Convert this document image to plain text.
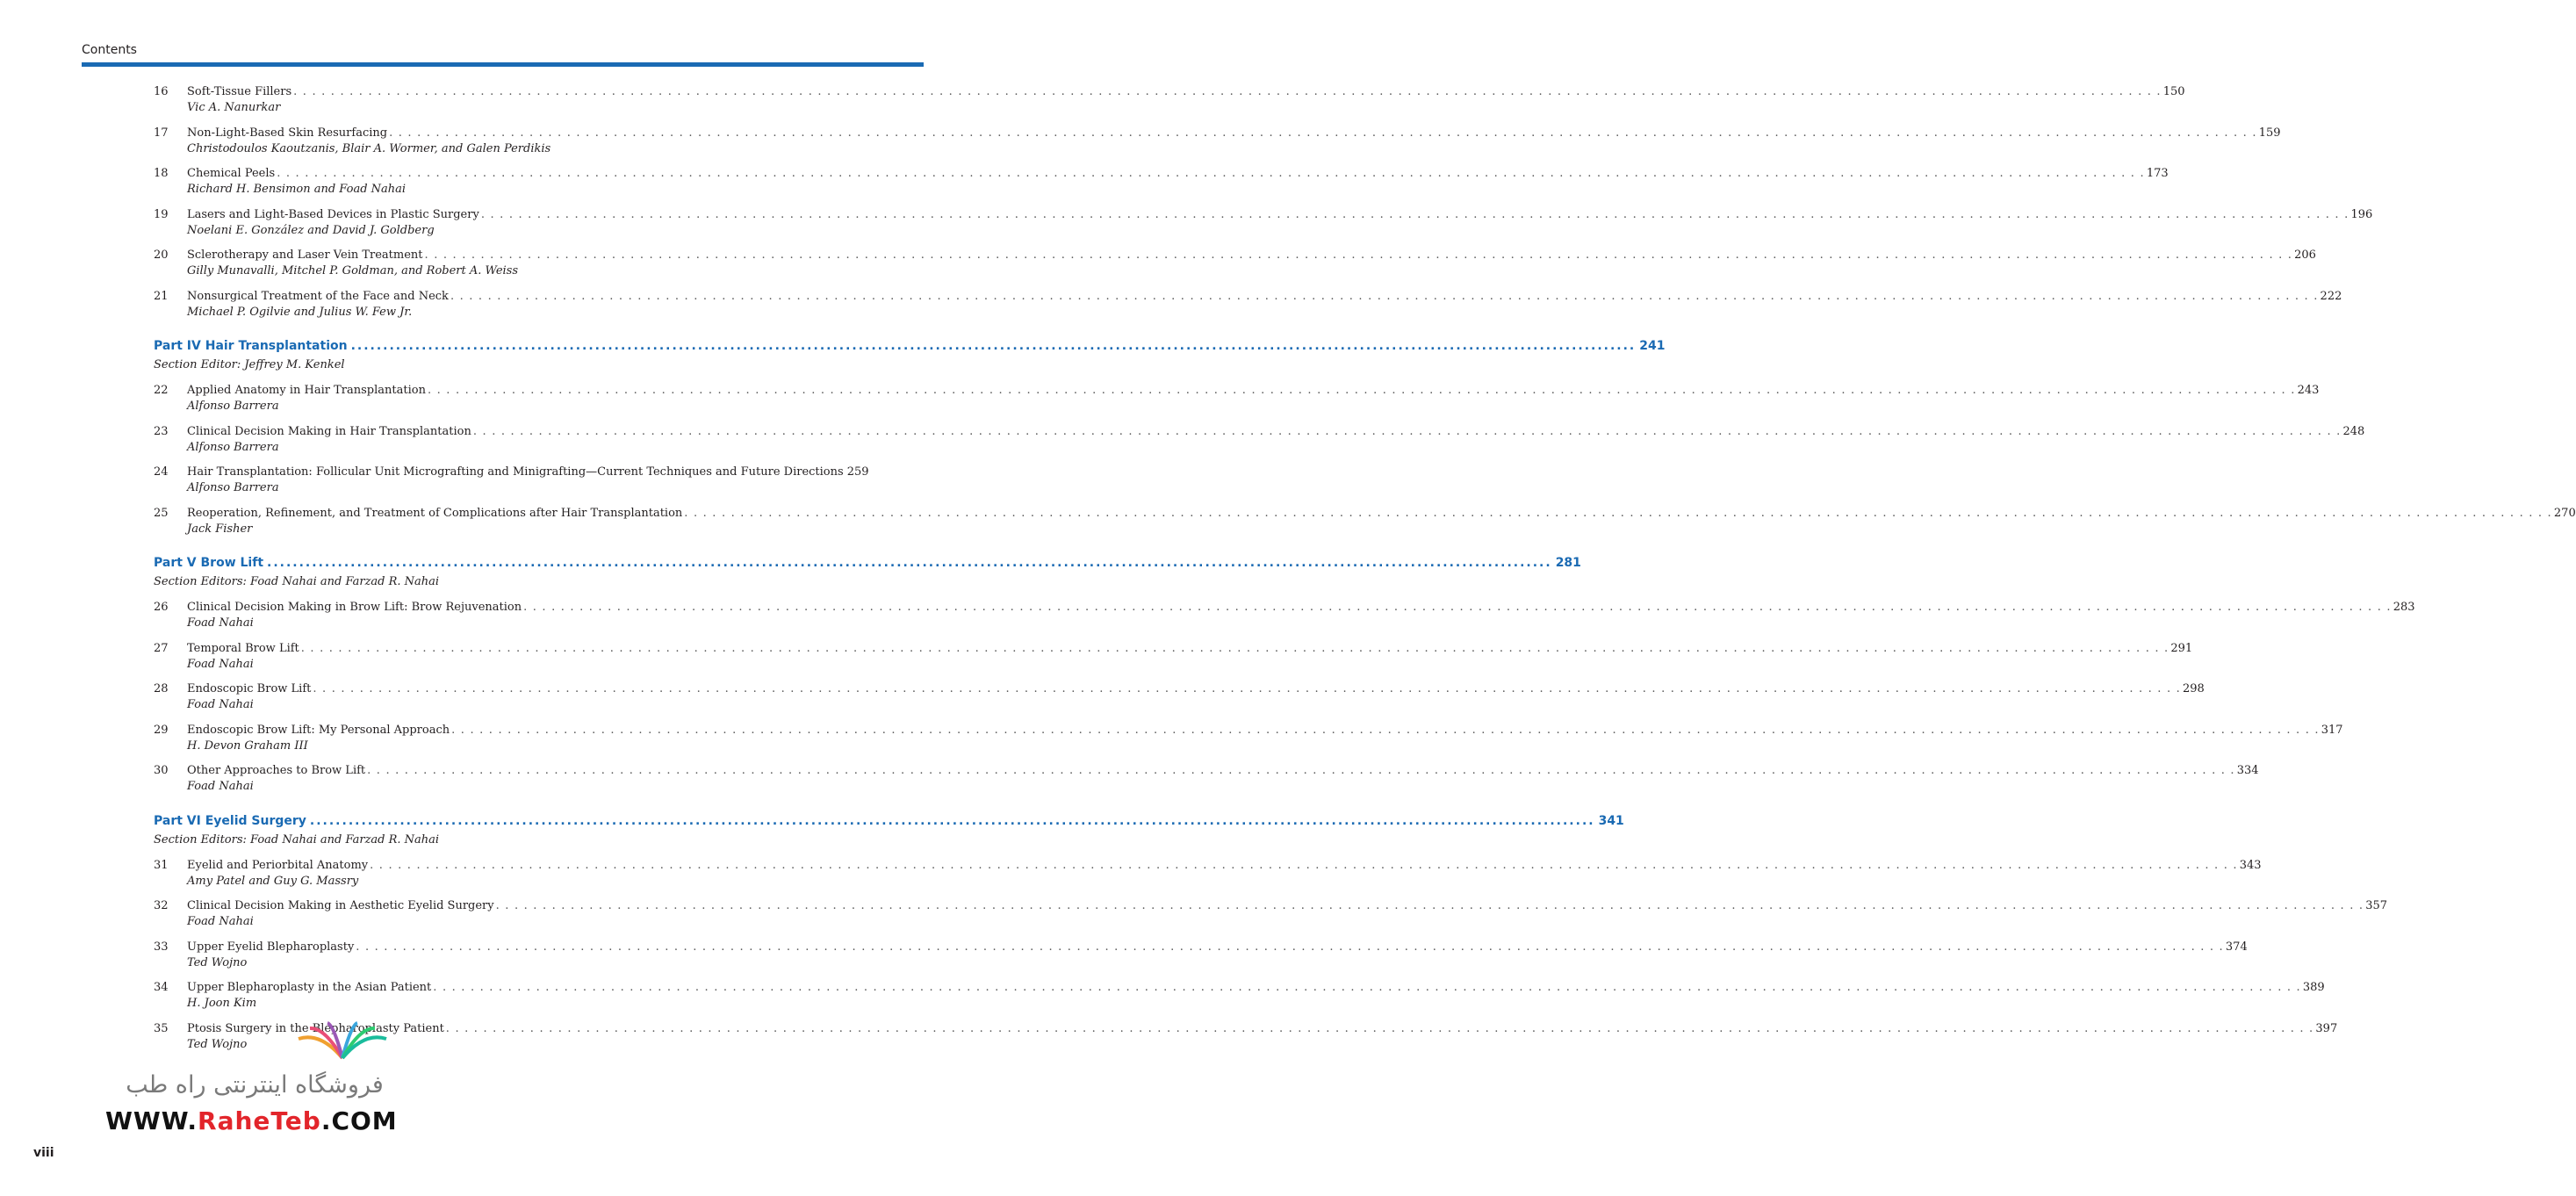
Contents
16	Soft-Tissue Fillers . . . . . . . . . . . . . . . . . . . . . . . . . . . . . . . . . . . . . . . . . . . . . . . . . . . . . . . . . . . . . . . . . . . . . . . . . . . . . . . . . . . . . . . . . . . . . . . . . . . . . . . . . . . . . . . . . . . . . . . . . . . . . . . . . . . . . . . . . . . . . . . . . . . . . . . . . . . . . . . . . . . . . . . . . . . . . . . . . . . . . . . . . . . . . . . . . . . . . . . . 150
Vic A. Nanurkar
17	Non-Light-Based Skin Resurfacing . . . . . . . . . . . . . . . . . . . . . . . . . . . . . . . . . . . . . . . . . . . . . . . . . . . . . . . . . . . . . . . . . . . . . . . . . . . . . . . . . . . . . . . . . . . . . . . . . . . . . . . . . . . . . . . . . . . . . . . . . . . . . . . . . . . . . . . . . . . . . . . . . . . . . . . . . . . . . . . . . . . . . . . . . . . . . . . . . . . . . . . . . . . . . . . . . . . . . . . . 159
Christodoulos Kaoutzanis, Blair A. Wormer, and Galen Perdikis
18	Chemical Peels . . . . . . . . . . . . . . . . . . . . . . . . . . . . . . . . . . . . . . . . . . . . . . . . . . . . . . . . . . . . . . . . . . . . . . . . . . . . . . . . . . . . . . . . . . . . . . . . . . . . . . . . . . . . . . . . . . . . . . . . . . . . . . . . . . . . . . . . . . . . . . . . . . . . . . . . . . . . . . . . . . . . . . . . . . . . . . . . . . . . . . . . . . . . . . . . . . . . . . . . 173
Richard H. Bensimon and Foad Nahai
19	Lasers and Light-Based Devices in Plastic Surgery . . . . . . . . . . . . . . . . . . . . . . . . . . . . . . . . . . . . . . . . . . . . . . . . . . . . . . . . . . . . . . . . . . . . . . . . . . . . . . . . . . . . . . . . . . . . . . . . . . . . . . . . . . . . . . . . . . . . . . . . . . . . . . . . . . . . . . . . . . . . . . . . . . . . . . . . . . . . . . . . . . . . . . . . . . . . . . . . . . . . . . . . . . . . . . . . . . . . . . . . 196
Noelani E. González and David J. Goldberg
20	Sclerotherapy and Laser Vein Treatment . . . . . . . . . . . . . . . . . . . . . . . . . . . . . . . . . . . . . . . . . . . . . . . . . . . . . . . . . . . . . . . . . . . . . . . . . . . . . . . . . . . . . . . . . . . . . . . . . . . . . . . . . . . . . . . . . . . . . . . . . . . . . . . . . . . . . . . . . . . . . . . . . . . . . . . . . . . . . . . . . . . . . . . . . . . . . . . . . . . . . . . . . . . . . . . . . . . . . . . . 206
Gilly Munavalli, Mitchel P. Goldman, and Robert A. Weiss
21	Nonsurgical Treatment of the Face and Neck . . . . . . . . . . . . . . . . . . . . . . . . . . . . . . . . . . . . . . . . . . . . . . . . . . . . . . . . . . . . . . . . . . . . . . . . . . . . . . . . . . . . . . . . . . . . . . . . . . . . . . . . . . . . . . . . . . . . . . . . . . . . . . . . . . . . . . . . . . . . . . . . . . . . . . . . . . . . . . . . . . . . . . . . . . . . . . . . . . . . . . . . . . . . . . . . . . . . . . . . 222
Michael P. Ogilvie and Julius W. Few Jr.
Part IV Hair Transplantation ........................................................................................................................................................................................................ 241
Section Editor: Jeffrey M. Kenkel
22	Applied Anatomy in Hair Transplantation . . . . . . . . . . . . . . . . . . . . . . . . . . . . . . . . . . . . . . . . . . . . . . . . . . . . . . . . . . . . . . . . . . . . . . . . . . . . . . . . . . . . . . . . . . . . . . . . . . . . . . . . . . . . . . . . . . . . . . . . . . . . . . . . . . . . . . . . . . . . . . . . . . . . . . . . . . . . . . . . . . . . . . . . . . . . . . . . . . . . . . . . . . . . . . . . . . . . . . . . 243
Alfonso Barrera
23	Clinical Decision Making in Hair Transplantation . . . . . . . . . . . . . . . . . . . . . . . . . . . . . . . . . . . . . . . . . . . . . . . . . . . . . . . . . . . . . . . . . . . . . . . . . . . . . . . . . . . . . . . . . . . . . . . . . . . . . . . . . . . . . . . . . . . . . . . . . . . . . . . . . . . . . . . . . . . . . . . . . . . . . . . . . . . . . . . . . . . . . . . . . . . . . . . . . . . . . . . . . . . . . . . . . . . . . . . . 248
Alfonso Barrera
24	Hair Transplantation: Follicular Unit Micrografting and Minigrafting—Current Techniques and Future Directions 259
Alfonso Barrera
25	Reoperation, Refinement, and Treatment of Complications after Hair Transplantation . . . . . . . . . . . . . . . . . . . . . . . . . . . . . . . . . . . . . . . . . . . . . . . . . . . . . . . . . . . . . . . . . . . . . . . . . . . . . . . . . . . . . . . . . . . . . . . . . . . . . . . . . . . . . . . . . . . . . . . . . . . . . . . . . . . . . . . . . . . . . . . . . . . . . . . . . . . . . . . . . . . . . . . . . . . . . . . . . . . . . . . . . . . . . . . . . . . . . . . . 270
Jack Fisher
Part V Brow Lift ........................................................................................................................................................................................................ 281
Section Editors: Foad Nahai and Farzad R. Nahai
26	Clinical Decision Making in Brow Lift: Brow Rejuvenation . . . . . . . . . . . . . . . . . . . . . . . . . . . . . . . . . . . . . . . . . . . . . . . . . . . . . . . . . . . . . . . . . . . . . . . . . . . . . . . . . . . . . . . . . . . . . . . . . . . . . . . . . . . . . . . . . . . . . . . . . . . . . . . . . . . . . . . . . . . . . . . . . . . . . . . . . . . . . . . . . . . . . . . . . . . . . . . . . . . . . . . . . . . . . . . . . . . . . . . . 283
Foad Nahai
27	Temporal Brow Lift . . . . . . . . . . . . . . . . . . . . . . . . . . . . . . . . . . . . . . . . . . . . . . . . . . . . . . . . . . . . . . . . . . . . . . . . . . . . . . . . . . . . . . . . . . . . . . . . . . . . . . . . . . . . . . . . . . . . . . . . . . . . . . . . . . . . . . . . . . . . . . . . . . . . . . . . . . . . . . . . . . . . . . . . . . . . . . . . . . . . . . . . . . . . . . . . . . . . . . . . 291
Foad Nahai
28	Endoscopic Brow Lift . . . . . . . . . . . . . . . . . . . . . . . . . . . . . . . . . . . . . . . . . . . . . . . . . . . . . . . . . . . . . . . . . . . . . . . . . . . . . . . . . . . . . . . . . . . . . . . . . . . . . . . . . . . . . . . . . . . . . . . . . . . . . . . . . . . . . . . . . . . . . . . . . . . . . . . . . . . . . . . . . . . . . . . . . . . . . . . . . . . . . . . . . . . . . . . . . . . . . . . . 298
Foad Nahai
29	Endoscopic Brow Lift: My Personal Approach . . . . . . . . . . . . . . . . . . . . . . . . . . . . . . . . . . . . . . . . . . . . . . . . . . . . . . . . . . . . . . . . . . . . . . . . . . . . . . . . . . . . . . . . . . . . . . . . . . . . . . . . . . . . . . . . . . . . . . . . . . . . . . . . . . . . . . . . . . . . . . . . . . . . . . . . . . . . . . . . . . . . . . . . . . . . . . . . . . . . . . . . . . . . . . . . . . . . . . . . 317
H. Devon Graham III
30	Other Approaches to Brow Lift . . . . . . . . . . . . . . . . . . . . . . . . . . . . . . . . . . . . . . . . . . . . . . . . . . . . . . . . . . . . . . . . . . . . . . . . . . . . . . . . . . . . . . . . . . . . . . . . . . . . . . . . . . . . . . . . . . . . . . . . . . . . . . . . . . . . . . . . . . . . . . . . . . . . . . . . . . . . . . . . . . . . . . . . . . . . . . . . . . . . . . . . . . . . . . . . . . . . . . . . 334
Foad Nahai
Part VI Eyelid Surgery ........................................................................................................................................................................................................ 341
Section Editors: Foad Nahai and Farzad R. Nahai
31	Eyelid and Periorbital Anatomy . . . . . . . . . . . . . . . . . . . . . . . . . . . . . . . . . . . . . . . . . . . . . . . . . . . . . . . . . . . . . . . . . . . . . . . . . . . . . . . . . . . . . . . . . . . . . . . . . . . . . . . . . . . . . . . . . . . . . . . . . . . . . . . . . . . . . . . . . . . . . . . . . . . . . . . . . . . . . . . . . . . . . . . . . . . . . . . . . . . . . . . . . . . . . . . . . . . . . . . . 343
Amy Patel and Guy G. Massry
32	Clinical Decision Making in Aesthetic Eyelid Surgery . . . . . . . . . . . . . . . . . . . . . . . . . . . . . . . . . . . . . . . . . . . . . . . . . . . . . . . . . . . . . . . . . . . . . . . . . . . . . . . . . . . . . . . . . . . . . . . . . . . . . . . . . . . . . . . . . . . . . . . . . . . . . . . . . . . . . . . . . . . . . . . . . . . . . . . . . . . . . . . . . . . . . . . . . . . . . . . . . . . . . . . . . . . . . . . . . . . . . . . . 357
Foad Nahai
33	Upper Eyelid Blepharoplasty . . . . . . . . . . . . . . . . . . . . . . . . . . . . . . . . . . . . . . . . . . . . . . . . . . . . . . . . . . . . . . . . . . . . . . . . . . . . . . . . . . . . . . . . . . . . . . . . . . . . . . . . . . . . . . . . . . . . . . . . . . . . . . . . . . . . . . . . . . . . . . . . . . . . . . . . . . . . . . . . . . . . . . . . . . . . . . . . . . . . . . . . . . . . . . . . . . . . . . . . 374
Ted Wojno
34	Upper Blepharoplasty in the Asian Patient . . . . . . . . . . . . . . . . . . . . . . . . . . . . . . . . . . . . . . . . . . . . . . . . . . . . . . . . . . . . . . . . . . . . . . . . . . . . . . . . . . . . . . . . . . . . . . . . . . . . . . . . . . . . . . . . . . . . . . . . . . . . . . . . . . . . . . . . . . . . . . . . . . . . . . . . . . . . . . . . . . . . . . . . . . . . . . . . . . . . . . . . . . . . . . . . . . . . . . . . 389
H. Joon Kim
35	Ptosis Surgery in the Blepharoplasty Patient . . . . . . . . . . . . . . . . . . . . . . . . . . . . . . . . . . . . . . . . . . . . . . . . . . . . . . . . . . . . . . . . . . . . . . . . . . . . . . . . . . . . . . . . . . . . . . . . . . . . . . . . . . . . . . . . . . . . . . . . . . . . . . . . . . . . . . . . . . . . . . . . . . . . . . . . . . . . . . . . . . . . . . . . . . . . . . . . . . . . . . . . . . . . . . . . . . . . . . . . 397
Ted Wojno
فروشگاه اینترنتی راه طب
WWW.RaheTeb.COM
viii
